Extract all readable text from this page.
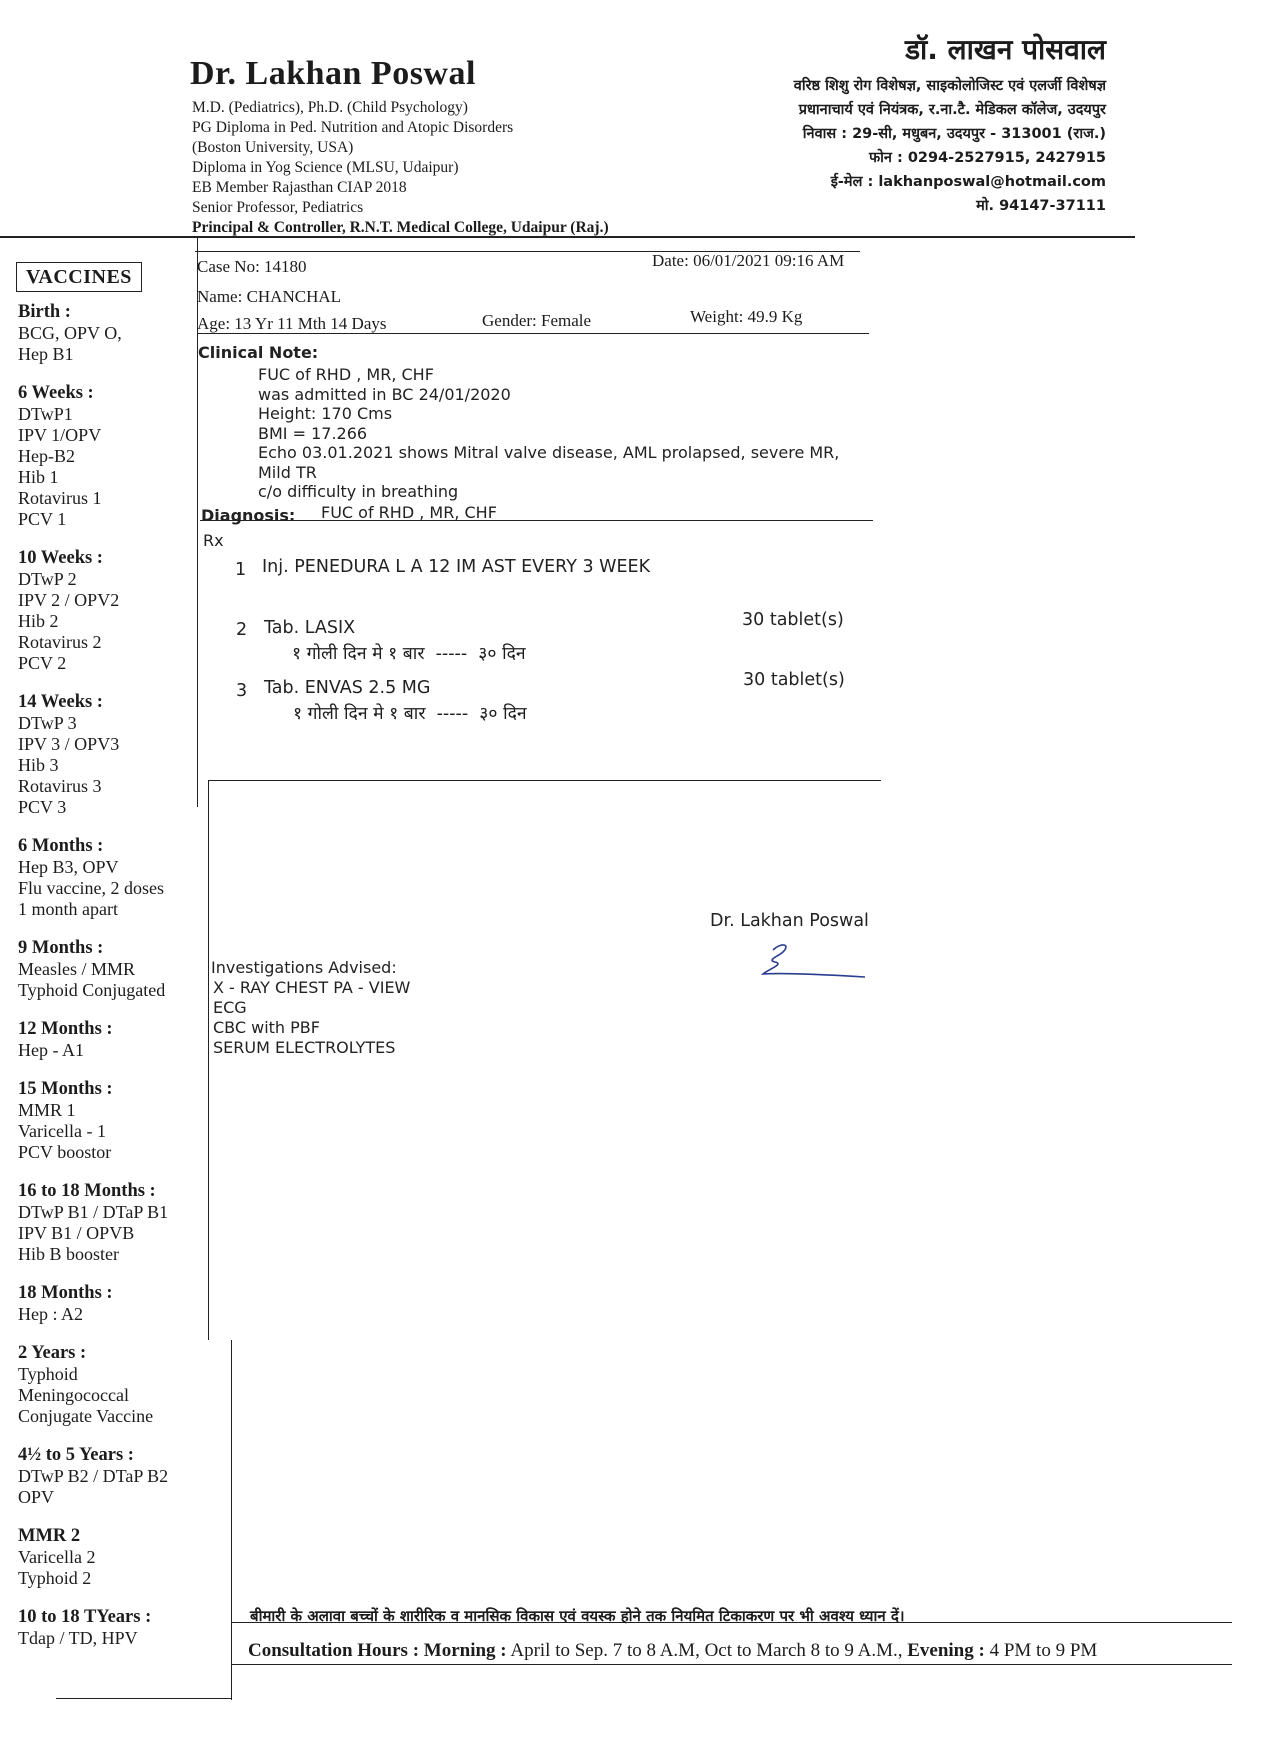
Dr. Lakhan Poswal
M.D. (Pediatrics), Ph.D. (Child Psychology)
PG Diploma in Ped. Nutrition and Atopic Disorders
(Boston University, USA)
Diploma in Yog Science (MLSU, Udaipur)
EB Member Rajasthan CIAP 2018
Senior Professor, Pediatrics
Principal & Controller, R.N.T. Medical College, Udaipur (Raj.)
डॉ. लाखन पोसवाल
वरिष्ठ शिशु रोग विशेषज्ञ, साइकोलोजिस्ट एवं एलर्जी विशेषज्ञ
प्रधानाचार्य एवं नियंत्रक, र.ना.टै. मेडिकल कॉलेज, उदयपुर
निवास : 29-सी, मधुबन, उदयपुर - 313001 (राज.)
फोन : 0294-2527915, 2427915
ई-मेल : lakhanposwal@hotmail.com
मो. 94147-37111
VACCINES
Birth :
BCG, OPV O,
Hep B1
6 Weeks :
DTwP1
IPV 1/OPV
Hep-B2
Hib 1
Rotavirus 1
PCV 1
10 Weeks :
DTwP 2
IPV 2 / OPV2
Hib 2
Rotavirus 2
PCV 2
14 Weeks :
DTwP 3
IPV 3 / OPV3
Hib 3
Rotavirus 3
PCV 3
6 Months :
Hep B3, OPV
Flu vaccine, 2 doses
1 month apart
9 Months :
Measles / MMR
Typhoid Conjugated
12 Months :
Hep - A1
15 Months :
MMR 1
Varicella - 1
PCV boostor
16 to 18 Months :
DTwP B1 / DTaP B1
IPV B1 / OPVB
Hib B booster
18 Months :
Hep : A2
2 Years :
Typhoid
Meningococcal
Conjugate Vaccine
4½ to 5 Years :
DTwP B2 / DTaP B2
OPV
MMR 2
Varicella 2
Typhoid 2
10 to 18 TYears :
Tdap / TD, HPV
Case No: 14180	Date: 06/01/2021 09:16 AM
Name: CHANCHAL
Age: 13 Yr 11 Mth 14 Days	Gender: Female	Weight: 49.9 Kg
Clinical Note:
FUC of RHD , MR, CHF
was admitted in BC 24/01/2020
Height: 170 Cms
BMI = 17.266
Echo 03.01.2021 shows Mitral valve disease, AML prolapsed, severe MR,
Mild TR
c/o difficulty in breathing
Diagnosis: FUC of RHD , MR, CHF
Rx
1 Inj. PENEDURA L A 12 IM AST EVERY 3 WEEK
2 Tab. LASIX	30 tablet(s)
१ गोली दिन मे १ बार  -----  ३० दिन
3 Tab. ENVAS 2.5 MG	30 tablet(s)
१ गोली दिन मे १ बार  -----  ३० दिन
Dr. Lakhan Poswal
Investigations Advised:
X - RAY CHEST PA - VIEW
ECG
CBC with PBF
SERUM ELECTROLYTES
बीमारी के अलावा बच्चों के शारीरिक व मानसिक विकास एवं वयस्क होने तक नियमित टिकाकरण पर भी अवश्य ध्यान दें।
Consultation Hours : Morning : April to Sep. 7 to 8 A.M, Oct to March 8 to 9 A.M., Evening : 4 PM to 9 PM
